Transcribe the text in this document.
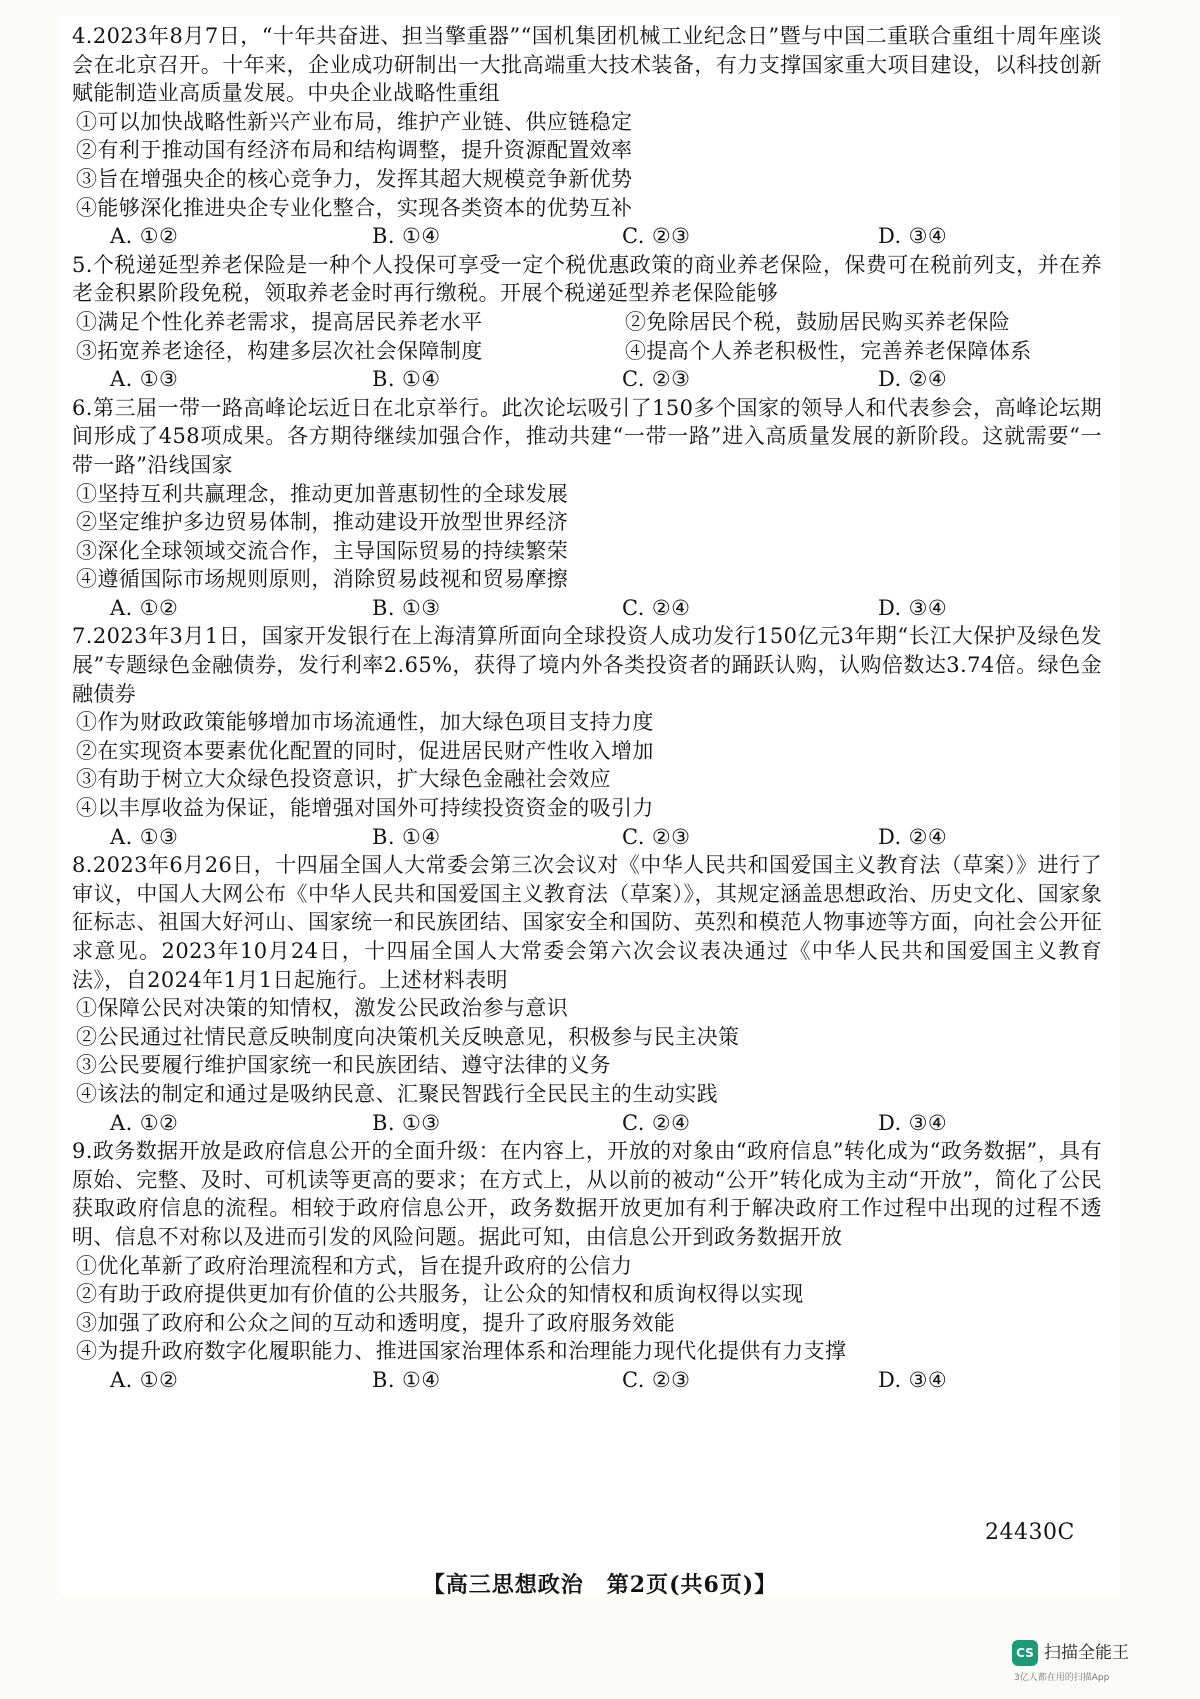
4.2023年8月7日，“十年共奋进、担当擎重器”“国机集团机械工业纪念日”暨与中国二重联合重组十周年座谈会在北京召开。十年来，企业成功研制出一大批高端重大技术装备，有力支撑国家重大项目建设，以科技创新赋能制造业高质量发展。中央企业战略性重组
①可以加快战略性新兴产业布局，维护产业链、供应链稳定
②有利于推动国有经济布局和结构调整，提升资源配置效率
③旨在增强央企的核心竞争力，发挥其超大规模竞争新优势
④能够深化推进央企专业化整合，实现各类资本的优势互补
A. ①②	B. ①④	C. ②③	D. ③④
5.个税递延型养老保险是一种个人投保可享受一定个税优惠政策的商业养老保险，保费可在税前列支，并在养老金积累阶段免税，领取养老金时再行缴税。开展个税递延型养老保险能够
①满足个性化养老需求，提高居民养老水平	②免除居民个税，鼓励居民购买养老保险
③拓宽养老途径，构建多层次社会保障制度	④提高个人养老积极性，完善养老保障体系
A. ①③	B. ①④	C. ②③	D. ②④
6.第三届一带一路高峰论坛近日在北京举行。此次论坛吸引了150多个国家的领导人和代表参会，高峰论坛期间形成了458项成果。各方期待继续加强合作，推动共建“一带一路”进入高质量发展的新阶段。这就需要“一带一路”沿线国家
①坚持互利共赢理念，推动更加普惠韧性的全球发展
②坚定维护多边贸易体制，推动建设开放型世界经济
③深化全球领域交流合作，主导国际贸易的持续繁荣
④遵循国际市场规则原则，消除贸易歧视和贸易摩擦
A. ①②	B. ①③	C. ②④	D. ③④
7.2023年3月1日，国家开发银行在上海清算所面向全球投资人成功发行150亿元3年期“长江大保护及绿色发展”专题绿色金融债券，发行利率2.65%，获得了境内外各类投资者的踊跃认购，认购倍数达3.74倍。绿色金融债券
①作为财政政策能够增加市场流通性，加大绿色项目支持力度
②在实现资本要素优化配置的同时，促进居民财产性收入增加
③有助于树立大众绿色投资意识，扩大绿色金融社会效应
④以丰厚收益为保证，能增强对国外可持续投资资金的吸引力
A. ①③	B. ①④	C. ②③	D. ②④
8.2023年6月26日，十四届全国人大常委会第三次会议对《中华人民共和国爱国主义教育法（草案）》进行了审议，中国人大网公布《中华人民共和国爱国主义教育法（草案）》，其规定涵盖思想政治、历史文化、国家象征标志、祖国大好河山、国家统一和民族团结、国家安全和国防、英烈和模范人物事迹等方面，向社会公开征求意见。2023年10月24日，十四届全国人大常委会第六次会议表决通过《中华人民共和国爱国主义教育法》，自2024年1月1日起施行。上述材料表明
①保障公民对决策的知情权，激发公民政治参与意识
②公民通过社情民意反映制度向决策机关反映意见，积极参与民主决策
③公民要履行维护国家统一和民族团结、遵守法律的义务
④该法的制定和通过是吸纳民意、汇聚民智践行全民民主的生动实践
A. ①②	B. ①③	C. ②④	D. ③④
9.政务数据开放是政府信息公开的全面升级：在内容上，开放的对象由“政府信息”转化成为“政务数据”，具有原始、完整、及时、可机读等更高的要求；在方式上，从以前的被动“公开”转化成为主动“开放”，简化了公民获取政府信息的流程。相较于政府信息公开，政务数据开放更加有利于解决政府工作过程中出现的过程不透明、信息不对称以及进而引发的风险问题。据此可知，由信息公开到政务数据开放
①优化革新了政府治理流程和方式，旨在提升政府的公信力
②有助于政府提供更加有价值的公共服务，让公众的知情权和质询权得以实现
③加强了政府和公众之间的互动和透明度，提升了政府服务效能
④为提升政府数字化履职能力、推进国家治理体系和治理能力现代化提供有力支撑
A. ①②	B. ①④	C. ②③	D. ③④
24430C
【高三思想政治　第2页(共6页)】
CS 扫描全能王
3亿人都在用的扫描App
